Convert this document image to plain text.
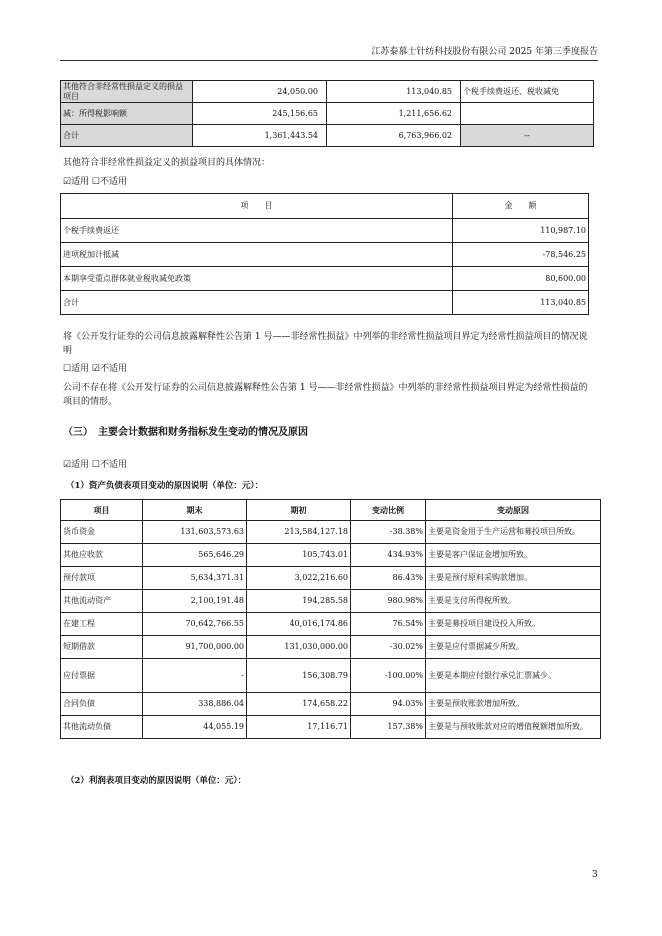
江苏泰慕士针纺科技股份有限公司 2025 年第三季度报告
其他符合非经常性损益定义的损益项目	24,050.00	113,040.85	个税手续费返还、税收减免
减：所得税影响额	245,156.65	1,211,656.62	
合计	1,361,443.54	6,763,966.02	--
其他符合非经常性损益定义的损益项目的具体情况：
☑适用 ☐不适用
项　　目	金　　额
个税手续费返还	110,987.10
进项税加计抵减	-78,546.25
本期享受重点群体就业税收减免政策	80,600.00
合计	113,040.85
将《公开发行证券的公司信息披露解释性公告第 1 号——非经常性损益》中列举的非经常性损益项目界定为经常性损益项目的情况说明
☐适用 ☑不适用
公司不存在将《公开发行证券的公司信息披露解释性公告第 1 号——非经常性损益》中列举的非经常性损益项目界定为经常性损益的项目的情形。
（三）　主要会计数据和财务指标发生变动的情况及原因
☑适用 ☐不适用
（1）资产负债表项目变动的原因说明（单位：元）：
项目	期末	期初	变动比例	变动原因
货币资金	131,603,573.63	213,584,127.18	-38.38%	主要是资金用于生产运营和募投项目所致。
其他应收款	565,646.29	105,743.01	434.93%	主要是客户保证金增加所致。
预付款项	5,634,371.31	3,022,216.60	86.43%	主要是预付原料采购款增加。
其他流动资产	2,100,191.48	194,285.58	980.98%	主要是支付所得税所致。
在建工程	70,642,766.55	40,016,174.86	76.54%	主要是募投项目建设投入所致。
短期借款	91,700,000.00	131,030,000.00	-30.02%	主要是应付票据减少所致。
应付票据	-	156,308.79	-100.00%	主要是本期应付银行承兑汇票减少。
合同负债	338,886.04	174,658.22	94.03%	主要是预收账款增加所致。
其他流动负债	44,055.19	17,116.71	157.38%	主要是与预收账款对应的增值税额增加所致。
（2）利润表项目变动的原因说明（单位：元）：
3
